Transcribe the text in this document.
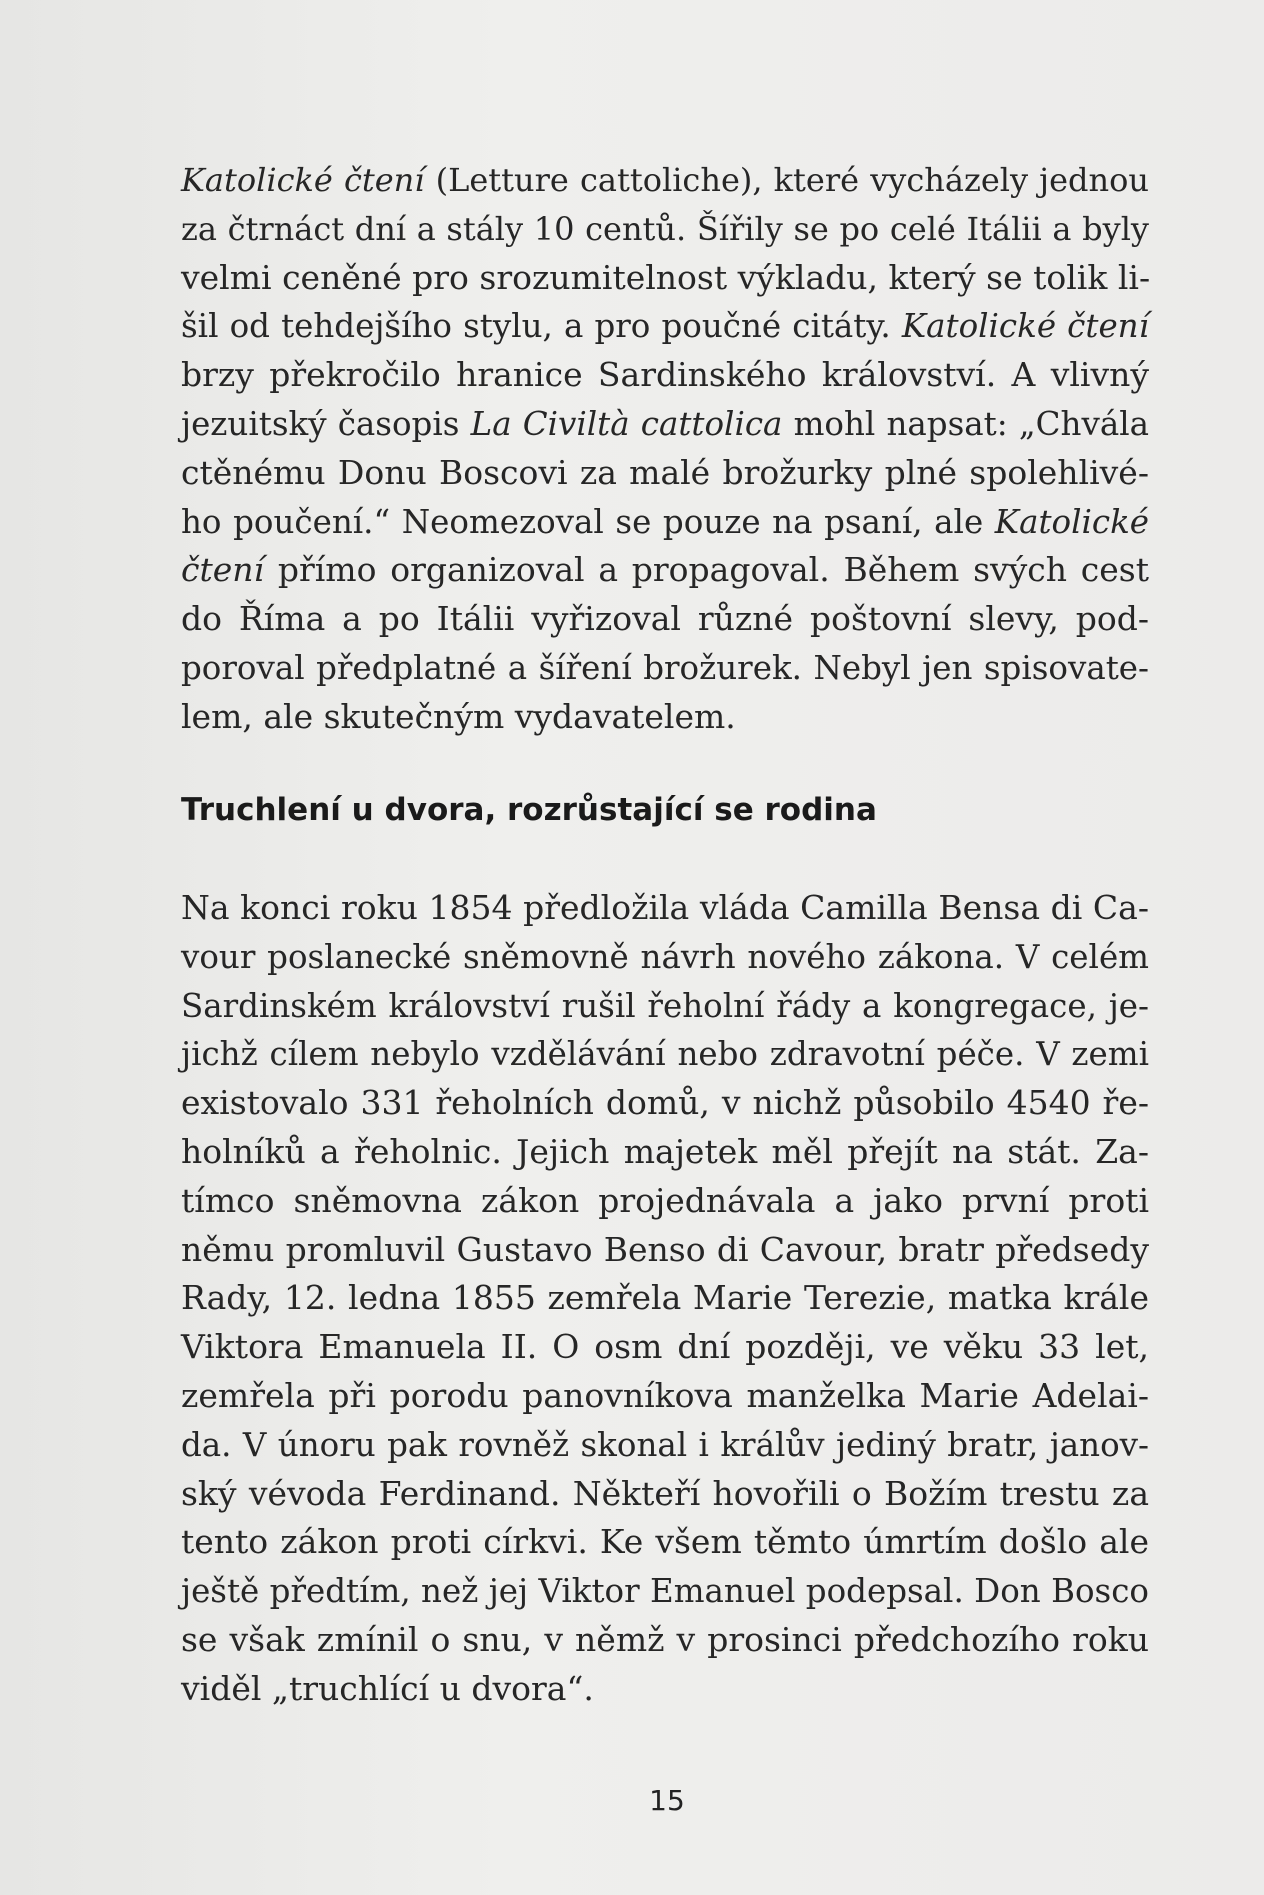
Katolické čtení (Letture cattoliche), které vycházely jednou
za čtrnáct dní a stály 10 centů. Šířily se po celé Itálii a byly
velmi ceněné pro srozumitelnost výkladu, který se tolik li-
šil od tehdejšího stylu, a pro poučné citáty. Katolické čtení
brzy překročilo hranice Sardinského království. A vlivný
jezuitský časopis La Civiltà cattolica mohl napsat: „Chvála
ctěnému Donu Boscovi za malé brožurky plné spolehlivé-
ho poučení.“ Neomezoval se pouze na psaní, ale Katolické
čtení přímo organizoval a propagoval. Během svých cest
do Říma a po Itálii vyřizoval různé poštovní slevy, pod-
poroval předplatné a šíření brožurek. Nebyl jen spisovate-
lem, ale skutečným vydavatelem.
Truchlení u dvora, rozrůstající se rodina
Na konci roku 1854 předložila vláda Camilla Bensa di Ca-
vour poslanecké sněmovně návrh nového zákona. V celém
Sardinském království rušil řeholní řády a kongregace, je-
jichž cílem nebylo vzdělávání nebo zdravotní péče. V zemi
existovalo 331 řeholních domů, v nichž působilo 4540 ře-
holníků a řeholnic. Jejich majetek měl přejít na stát. Za-
tímco sněmovna zákon projednávala a jako první proti
němu promluvil Gustavo Benso di Cavour, bratr předsedy
Rady, 12. ledna 1855 zemřela Marie Terezie, matka krále
Viktora Emanuela II. O osm dní později, ve věku 33 let,
zemřela při porodu panovníkova manželka Marie Adelai-
da. V únoru pak rovněž skonal i králův jediný bratr, janov-
ský vévoda Ferdinand. Někteří hovořili o Božím trestu za
tento zákon proti církvi. Ke všem těmto úmrtím došlo ale
ještě předtím, než jej Viktor Emanuel podepsal. Don Bosco
se však zmínil o snu, v němž v prosinci předchozího roku
viděl „truchlící u dvora“.
15
